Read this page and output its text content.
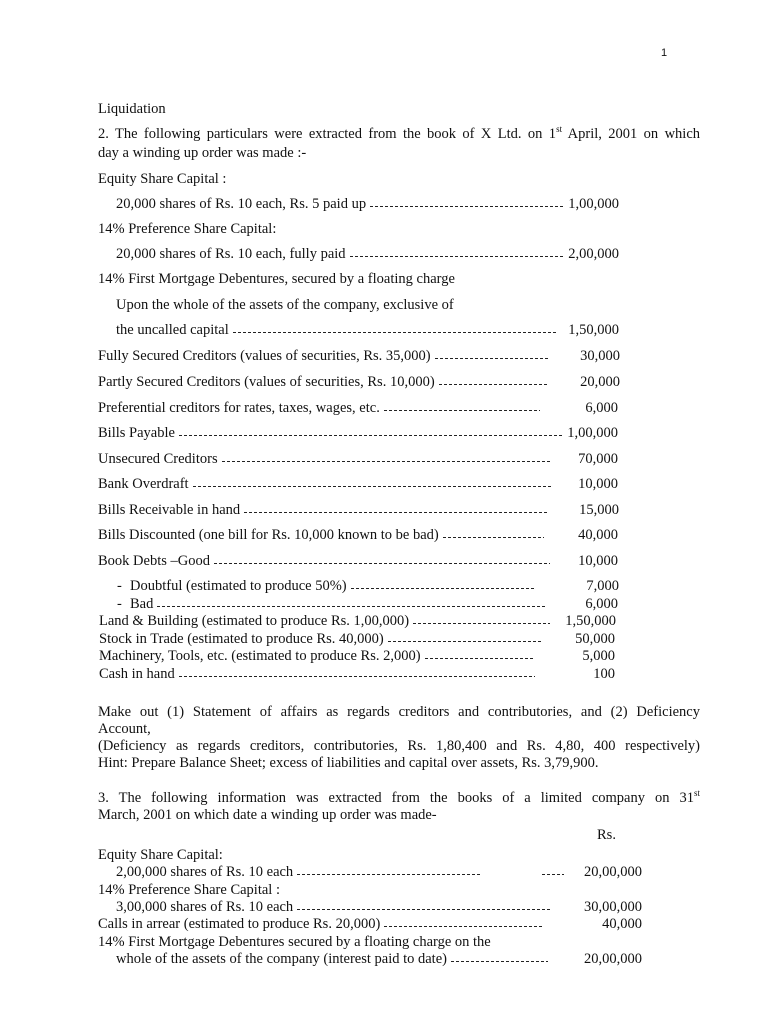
1
Liquidation
2. The following particulars were extracted from the book of X Ltd. on 1st April, 2001 on which
day a winding up order was made :-
Equity Share Capital :
20,000 shares of Rs. 10 each, Rs. 5 paid up	1,00,000
14% Preference Share Capital:
20,000 shares of Rs. 10 each, fully paid	2,00,000
14% First Mortgage Debentures, secured by a floating charge
Upon the whole of the assets of the company, exclusive of
the uncalled capital	1,50,000
Fully Secured Creditors (values of securities, Rs. 35,000)	30,000
Partly Secured Creditors (values of securities, Rs. 10,000)	20,000
Preferential creditors for rates, taxes, wages, etc.	6,000
Bills Payable	1,00,000
Unsecured Creditors	70,000
Bank Overdraft	10,000
Bills Receivable in hand	15,000
Bills Discounted (one bill for Rs. 10,000 known to be bad)	40,000
Book Debts –Good	10,000
- Doubtful (estimated to produce 50%)	7,000
- Bad	6,000
Land & Building (estimated to produce Rs. 1,00,000)	1,50,000
Stock in Trade (estimated to produce Rs. 40,000)	50,000
Machinery, Tools, etc. (estimated to produce Rs. 2,000)	5,000
Cash in hand	100
Make out (1) Statement of affairs as regards creditors and contributories, and (2) Deficiency
Account,
(Deficiency as regards creditors, contributories, Rs. 1,80,400 and Rs. 4,80, 400 respectively)
Hint: Prepare Balance Sheet; excess of liabilities and capital over assets, Rs. 3,79,900.
3. The following information was extracted from the books of a limited company on 31st
March, 2001 on which date a winding up order was made-
Rs.
Equity Share Capital:
2,00,000 shares of Rs. 10 each	20,00,000
14% Preference Share Capital :
3,00,000 shares of Rs. 10 each	30,00,000
Calls in arrear (estimated to produce Rs. 20,000)	40,000
14% First Mortgage Debentures secured by a floating charge on the
whole of the assets of the company (interest paid to date)	20,00,000
